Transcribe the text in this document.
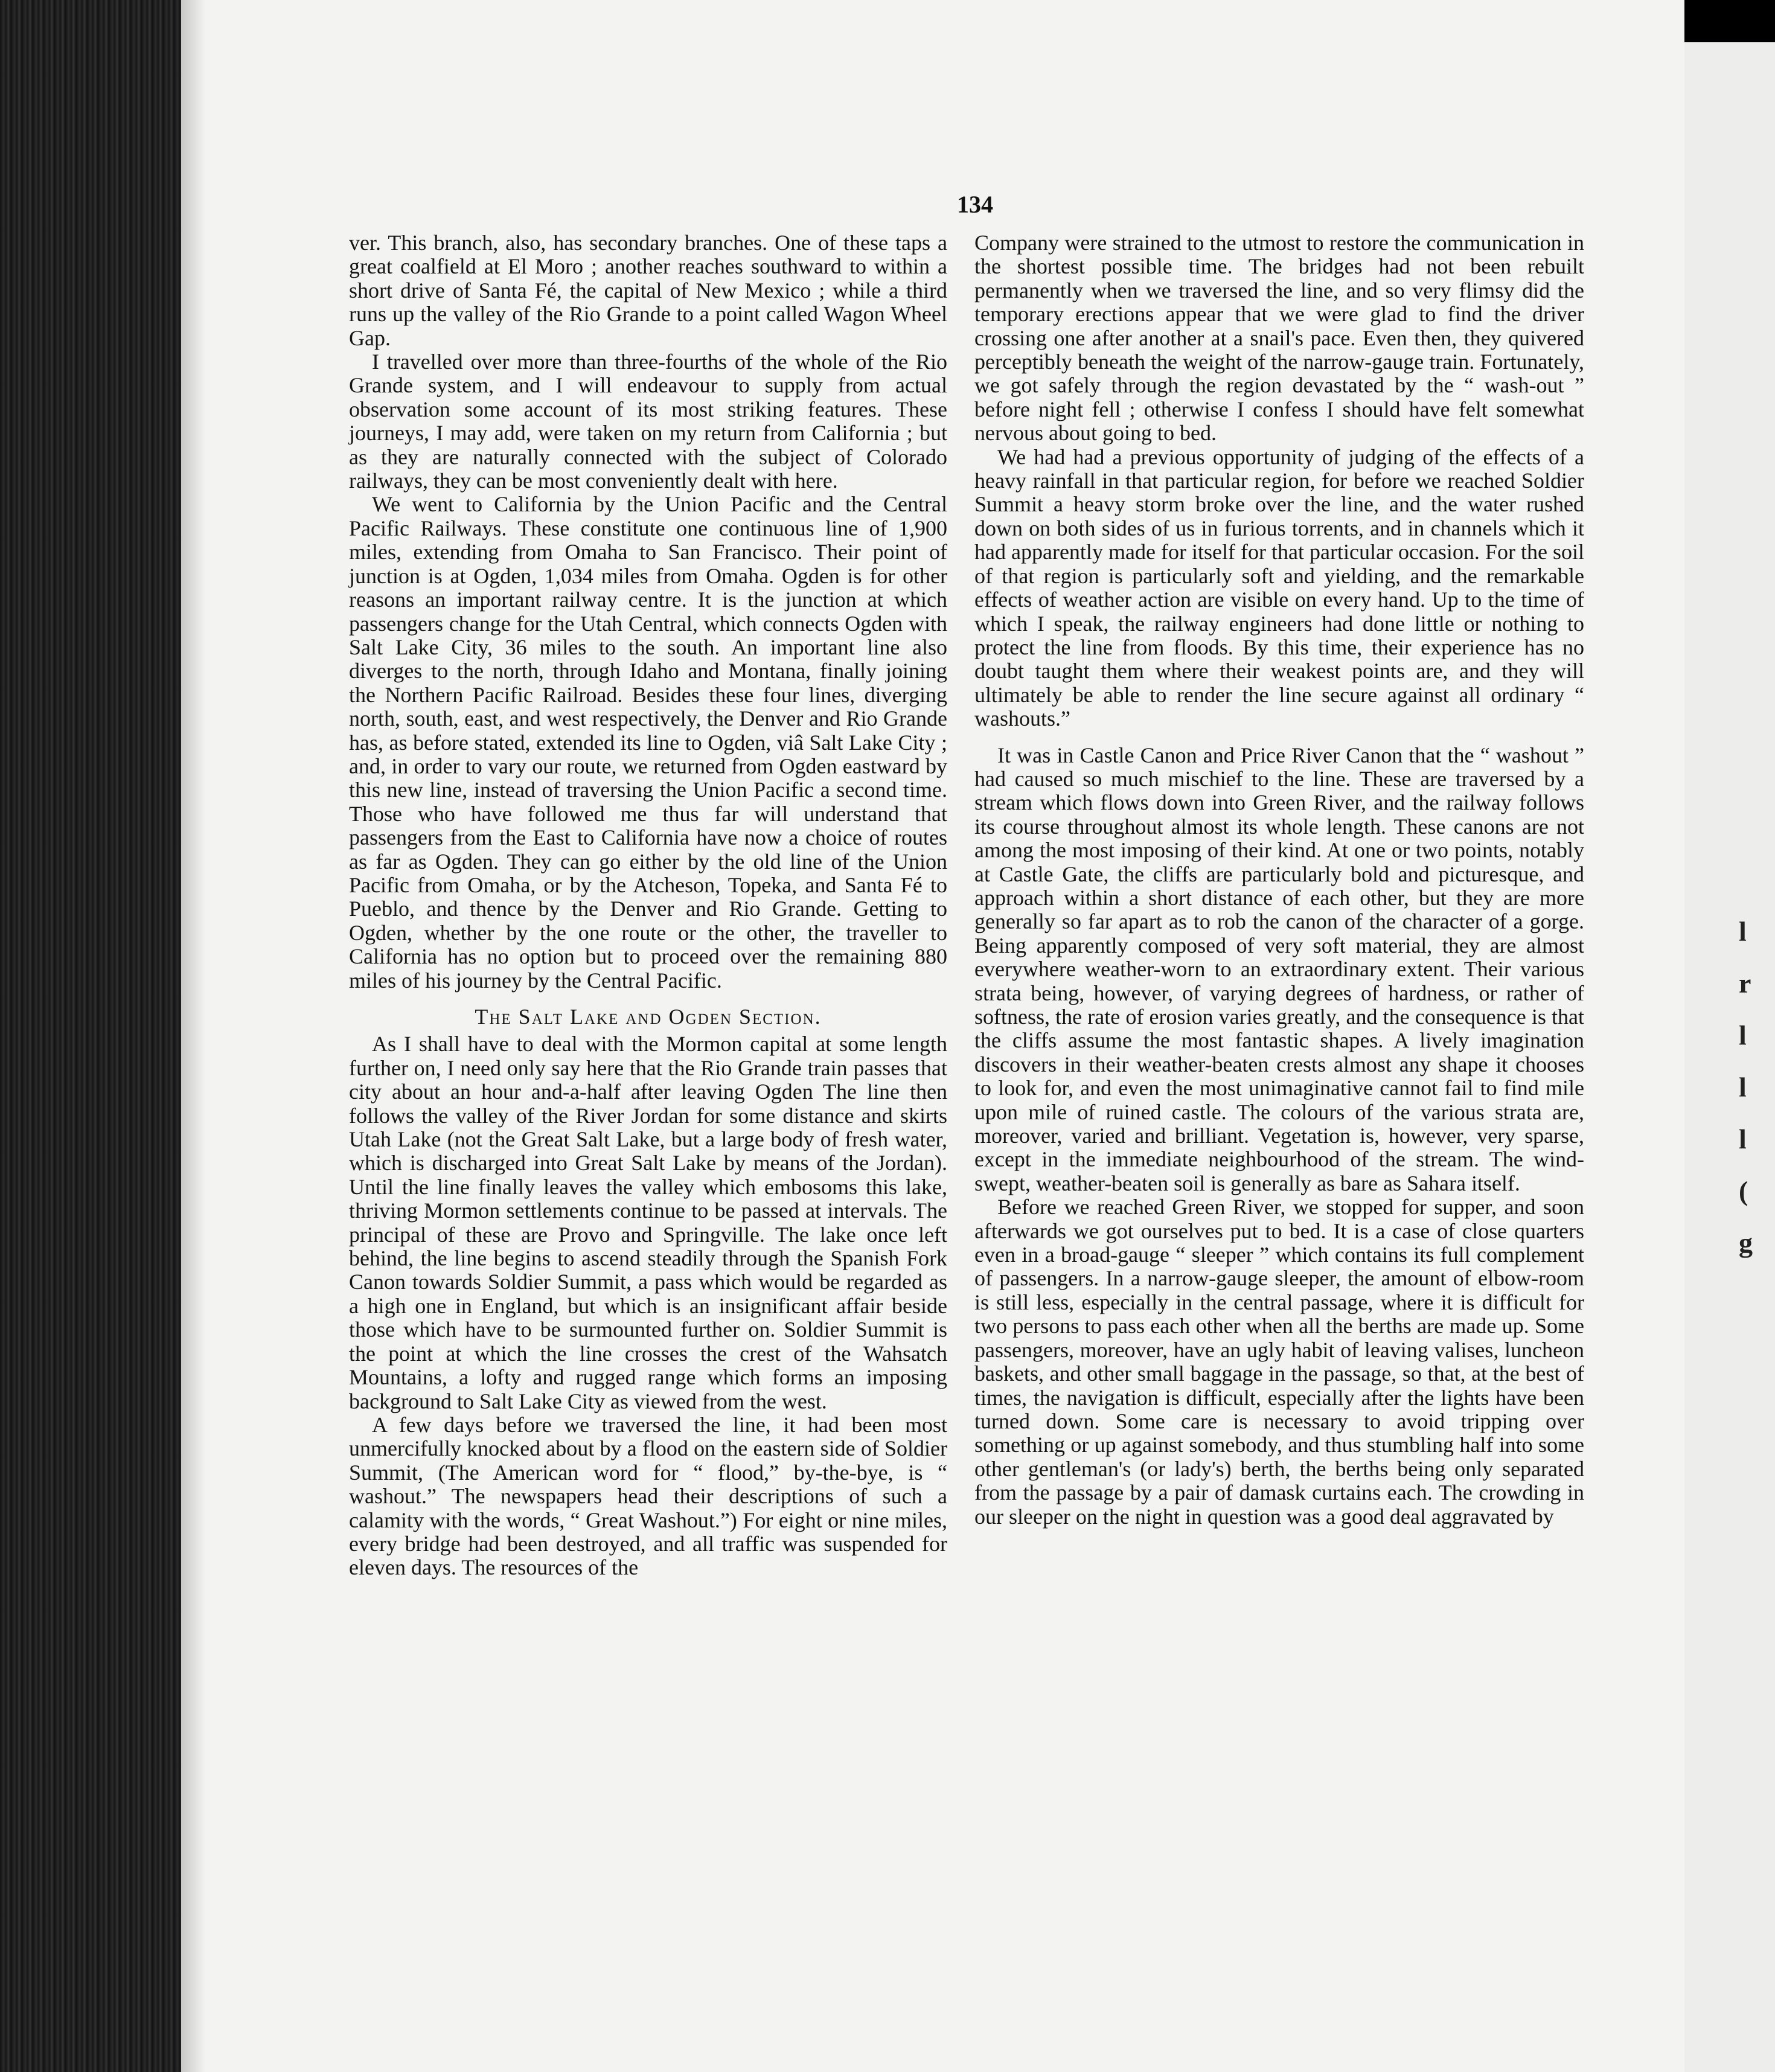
l r l l l ( g
134

ver. This branch, also, has secondary branches. One of these taps a great coalfield at El Moro ; another reaches southward to within a short drive of Santa Fé, the capital of New Mexico ; while a third runs up the valley of the Rio Grande to a point called Wagon Wheel Gap.

I travelled over more than three-fourths of the whole of the Rio Grande system, and I will endeavour to supply from actual observation some account of its most striking features. These journeys, I may add, were taken on my return from California ; but as they are naturally connected with the subject of Colorado railways, they can be most conveniently dealt with here.

We went to California by the Union Pacific and the Central Pacific Railways. These constitute one continuous line of 1,900 miles, extending from Omaha to San Francisco. Their point of junction is at Ogden, 1,034 miles from Omaha. Ogden is for other reasons an important railway centre. It is the junction at which passengers change for the Utah Central, which connects Ogden with Salt Lake City, 36 miles to the south. An important line also diverges to the north, through Idaho and Montana, finally joining the Northern Pacific Railroad. Besides these four lines, diverging north, south, east, and west respectively, the Denver and Rio Grande has, as before stated, extended its line to Ogden, viâ Salt Lake City ; and, in order to vary our route, we returned from Ogden eastward by this new line, instead of traversing the Union Pacific a second time. Those who have followed me thus far will understand that passengers from the East to California have now a choice of routes as far as Ogden. They can go either by the old line of the Union Pacific from Omaha, or by the Atcheson, Topeka, and Santa Fé to Pueblo, and thence by the Denver and Rio Grande. Getting to Ogden, whether by the one route or the other, the traveller to California has no option but to proceed over the remaining 880 miles of his journey by the Central Pacific.

The Salt Lake and Ogden Section.

As I shall have to deal with the Mormon capital at some length further on, I need only say here that the Rio Grande train passes that city about an hour and-a-half after leaving Ogden The line then follows the valley of the River Jordan for some distance and skirts Utah Lake (not the Great Salt Lake, but a large body of fresh water, which is discharged into Great Salt Lake by means of the Jordan). Until the line finally leaves the valley which embosoms this lake, thriving Mormon settlements continue to be passed at intervals. The principal of these are Provo and Springville. The lake once left behind, the line begins to ascend steadily through the Spanish Fork Canon towards Soldier Summit, a pass which would be regarded as a high one in England, but which is an insignificant affair beside those which have to be surmounted further on. Soldier Summit is the point at which the line crosses the crest of the Wahsatch Mountains, a lofty and rugged range which forms an imposing background to Salt Lake City as viewed from the west.

A few days before we traversed the line, it had been most unmercifully knocked about by a flood on the eastern side of Soldier Summit, (The American word for “ flood,” by-the-bye, is “ washout.” The newspapers head their descriptions of such a calamity with the words, “ Great Washout.”) For eight or nine miles, every bridge had been destroyed, and all traffic was suspended for eleven days. The resources of the

Company were strained to the utmost to restore the communication in the shortest possible time. The bridges had not been rebuilt permanently when we traversed the line, and so very flimsy did the temporary erections appear that we were glad to find the driver crossing one after another at a snail's pace. Even then, they quivered perceptibly beneath the weight of the narrow-gauge train. Fortunately, we got safely through the region devastated by the “ wash-out ” before night fell ; otherwise I confess I should have felt somewhat nervous about going to bed.

We had had a previous opportunity of judging of the effects of a heavy rainfall in that particular region, for before we reached Soldier Summit a heavy storm broke over the line, and the water rushed down on both sides of us in furious torrents, and in channels which it had apparently made for itself for that particular occasion. For the soil of that region is particularly soft and yielding, and the remarkable effects of weather action are visible on every hand. Up to the time of which I speak, the railway engineers had done little or nothing to protect the line from floods. By this time, their experience has no doubt taught them where their weakest points are, and they will ultimately be able to render the line secure against all ordinary “ washouts.”

It was in Castle Canon and Price River Canon that the “ washout ” had caused so much mischief to the line. These are traversed by a stream which flows down into Green River, and the railway follows its course throughout almost its whole length. These canons are not among the most imposing of their kind. At one or two points, notably at Castle Gate, the cliffs are particularly bold and picturesque, and approach within a short distance of each other, but they are more generally so far apart as to rob the canon of the character of a gorge. Being apparently composed of very soft material, they are almost everywhere weather-worn to an extraordinary extent. Their various strata being, however, of varying degrees of hardness, or rather of softness, the rate of erosion varies greatly, and the consequence is that the cliffs assume the most fantastic shapes. A lively imagination discovers in their weather-beaten crests almost any shape it chooses to look for, and even the most unimaginative cannot fail to find mile upon mile of ruined castle. The colours of the various strata are, moreover, varied and brilliant. Vegetation is, however, very sparse, except in the immediate neighbourhood of the stream. The wind-swept, weather-beaten soil is generally as bare as Sahara itself.

Before we reached Green River, we stopped for supper, and soon afterwards we got ourselves put to bed. It is a case of close quarters even in a broad-gauge “ sleeper ” which contains its full complement of passengers. In a narrow-gauge sleeper, the amount of elbow-room is still less, especially in the central passage, where it is difficult for two persons to pass each other when all the berths are made up. Some passengers, moreover, have an ugly habit of leaving valises, luncheon baskets, and other small baggage in the passage, so that, at the best of times, the navigation is difficult, especially after the lights have been turned down. Some care is necessary to avoid tripping over something or up against somebody, and thus stumbling half into some other gentleman's (or lady's) berth, the berths being only separated from the passage by a pair of damask curtains each. The crowding in our sleeper on the night in question was a good deal aggravated by
